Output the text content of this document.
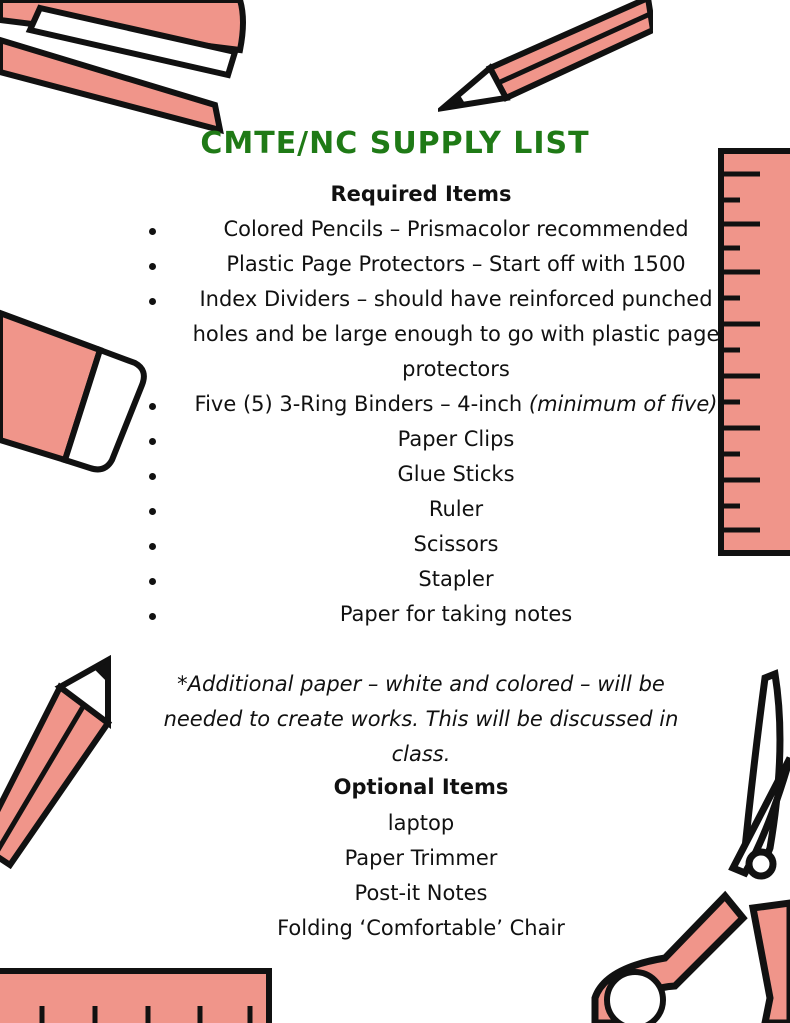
CMTE/NC SUPPLY LIST
Required Items
Colored Pencils – Prismacolor recommended
Plastic Page Protectors – Start off with 1500
Index Dividers – should have reinforced punched holes and be large enough to go with plastic page protectors
Five (5) 3-Ring Binders – 4-inch (minimum of five)
Paper Clips
Glue Sticks
Ruler
Scissors
Stapler
Paper for taking notes
*Additional paper – white and colored – will be needed to create works. This will be discussed in class.
Optional Items
laptop
Paper Trimmer
Post-it Notes
Folding ‘Comfortable’ Chair
